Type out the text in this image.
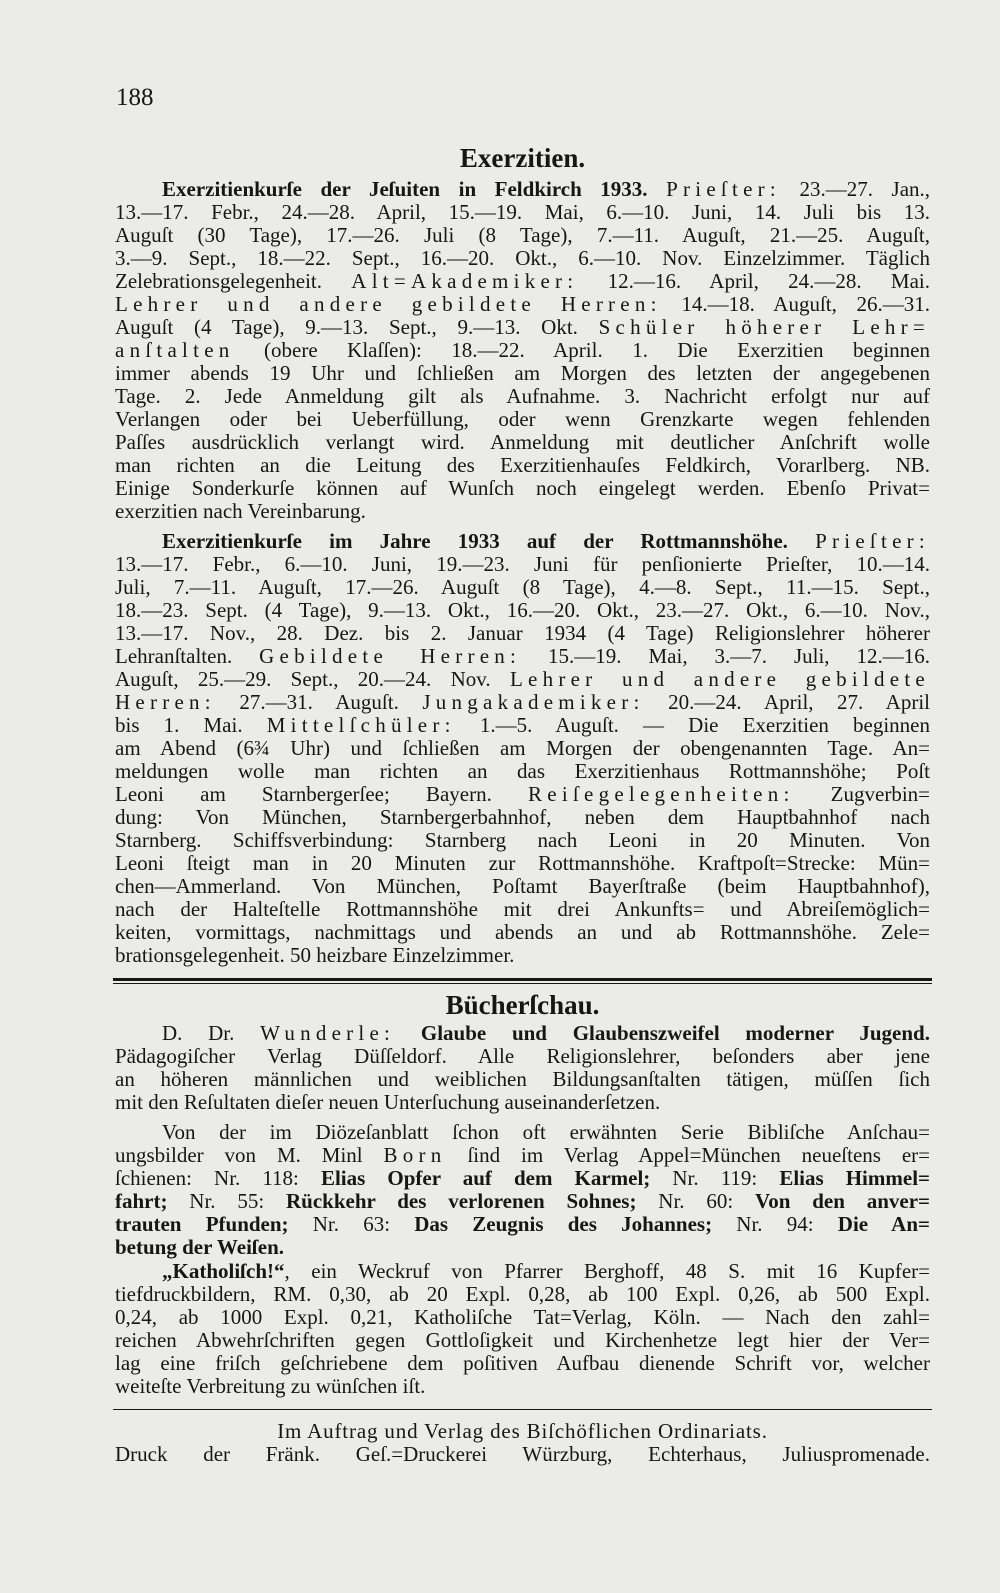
188
Exerzitien.
Exerzitienkurſe der Jeſuiten in Feldkirch 1933. Prieſter: 23.—27. Jan.,
13.—17. Febr., 24.—28. April, 15.—19. Mai, 6.—10. Juni, 14. Juli bis 13.
Auguſt (30 Tage), 17.—26. Juli (8 Tage), 7.—11. Auguſt, 21.—25. Auguſt,
3.—9. Sept., 18.—22. Sept., 16.—20. Okt., 6.—10. Nov. Einzelzimmer. Täglich
Zelebrationsgelegenheit. Alt=Akademiker: 12.—16. April, 24.—28. Mai.
Lehrer und andere gebildete Herren: 14.—18. Auguſt, 26.—31.
Auguſt (4 Tage), 9.—13. Sept., 9.—13. Okt. Schüler höherer Lehr=
anſtalten (obere Klaſſen): 18.—22. April. 1. Die Exerzitien beginnen
immer abends 19 Uhr und ſchließen am Morgen des letzten der angegebenen
Tage. 2. Jede Anmeldung gilt als Aufnahme. 3. Nachricht erfolgt nur auf
Verlangen oder bei Ueberfüllung, oder wenn Grenzkarte wegen fehlenden
Paſſes ausdrücklich verlangt wird. Anmeldung mit deutlicher Anſchrift wolle
man richten an die Leitung des Exerzitienhauſes Feldkirch, Vorarlberg. NB.
Einige Sonderkurſe können auf Wunſch noch eingelegt werden. Ebenſo Privat=
exerzitien nach Vereinbarung.
Exerzitienkurſe im Jahre 1933 auf der Rottmannshöhe. Prieſter:
13.—17. Febr., 6.—10. Juni, 19.—23. Juni für penſionierte Prieſter, 10.—14.
Juli, 7.—11. Auguſt, 17.—26. Auguſt (8 Tage), 4.—8. Sept., 11.—15. Sept.,
18.—23. Sept. (4 Tage), 9.—13. Okt., 16.—20. Okt., 23.—27. Okt., 6.—10. Nov.,
13.—17. Nov., 28. Dez. bis 2. Januar 1934 (4 Tage) Religionslehrer höherer
Lehranſtalten. Gebildete Herren: 15.—19. Mai, 3.—7. Juli, 12.—16.
Auguſt, 25.—29. Sept., 20.—24. Nov. Lehrer und andere gebildete
Herren: 27.—31. Auguſt. Jungakademiker: 20.—24. April, 27. April
bis 1. Mai. Mittelſchüler: 1.—5. Auguſt. — Die Exerzitien beginnen
am Abend (6¾ Uhr) und ſchließen am Morgen der obengenannten Tage. An=
meldungen wolle man richten an das Exerzitienhaus Rottmannshöhe; Poſt
Leoni am Starnbergerſee; Bayern. Reiſegelegenheiten: Zugverbin=
dung: Von München, Starnbergerbahnhof, neben dem Hauptbahnhof nach
Starnberg. Schiffsverbindung: Starnberg nach Leoni in 20 Minuten. Von
Leoni ſteigt man in 20 Minuten zur Rottmannshöhe. Kraftpoſt=Strecke: Mün=
chen—Ammerland. Von München, Poſtamt Bayerſtraße (beim Hauptbahnhof),
nach der Halteſtelle Rottmannshöhe mit drei Ankunfts= und Abreiſemöglich=
keiten, vormittags, nachmittags und abends an und ab Rottmannshöhe. Zele=
brationsgelegenheit. 50 heizbare Einzelzimmer.
Bücherſchau.
D. Dr. Wunderle: Glaube und Glaubenszweifel moderner Jugend.
Pädagogiſcher Verlag Düſſeldorf. Alle Religionslehrer, beſonders aber jene
an höheren männlichen und weiblichen Bildungsanſtalten tätigen, müſſen ſich
mit den Reſultaten dieſer neuen Unterſuchung auseinanderſetzen.
Von der im Diözeſanblatt ſchon oft erwähnten Serie Bibliſche Anſchau=
ungsbilder von M. Minl Born ſind im Verlag Appel=München neueſtens er=
ſchienen: Nr. 118: Elias Opfer auf dem Karmel; Nr. 119: Elias Himmel=
fahrt; Nr. 55: Rückkehr des verlorenen Sohnes; Nr. 60: Von den anver=
trauten Pfunden; Nr. 63: Das Zeugnis des Johannes; Nr. 94: Die An=
betung der Weiſen.
„Katholiſch!“, ein Weckruf von Pfarrer Berghoff, 48 S. mit 16 Kupfer=
tiefdruckbildern, RM. 0,30, ab 20 Expl. 0,28, ab 100 Expl. 0,26, ab 500 Expl.
0,24, ab 1000 Expl. 0,21, Katholiſche Tat=Verlag, Köln. — Nach den zahl=
reichen Abwehrſchriften gegen Gottloſigkeit und Kirchenhetze legt hier der Ver=
lag eine friſch geſchriebene dem poſitiven Aufbau dienende Schrift vor, welcher
weiteſte Verbreitung zu wünſchen iſt.
Im Auftrag und Verlag des Biſchöflichen Ordinariats.
Druck der Fränk. Geſ.=Druckerei Würzburg, Echterhaus, Juliuspromenade.
